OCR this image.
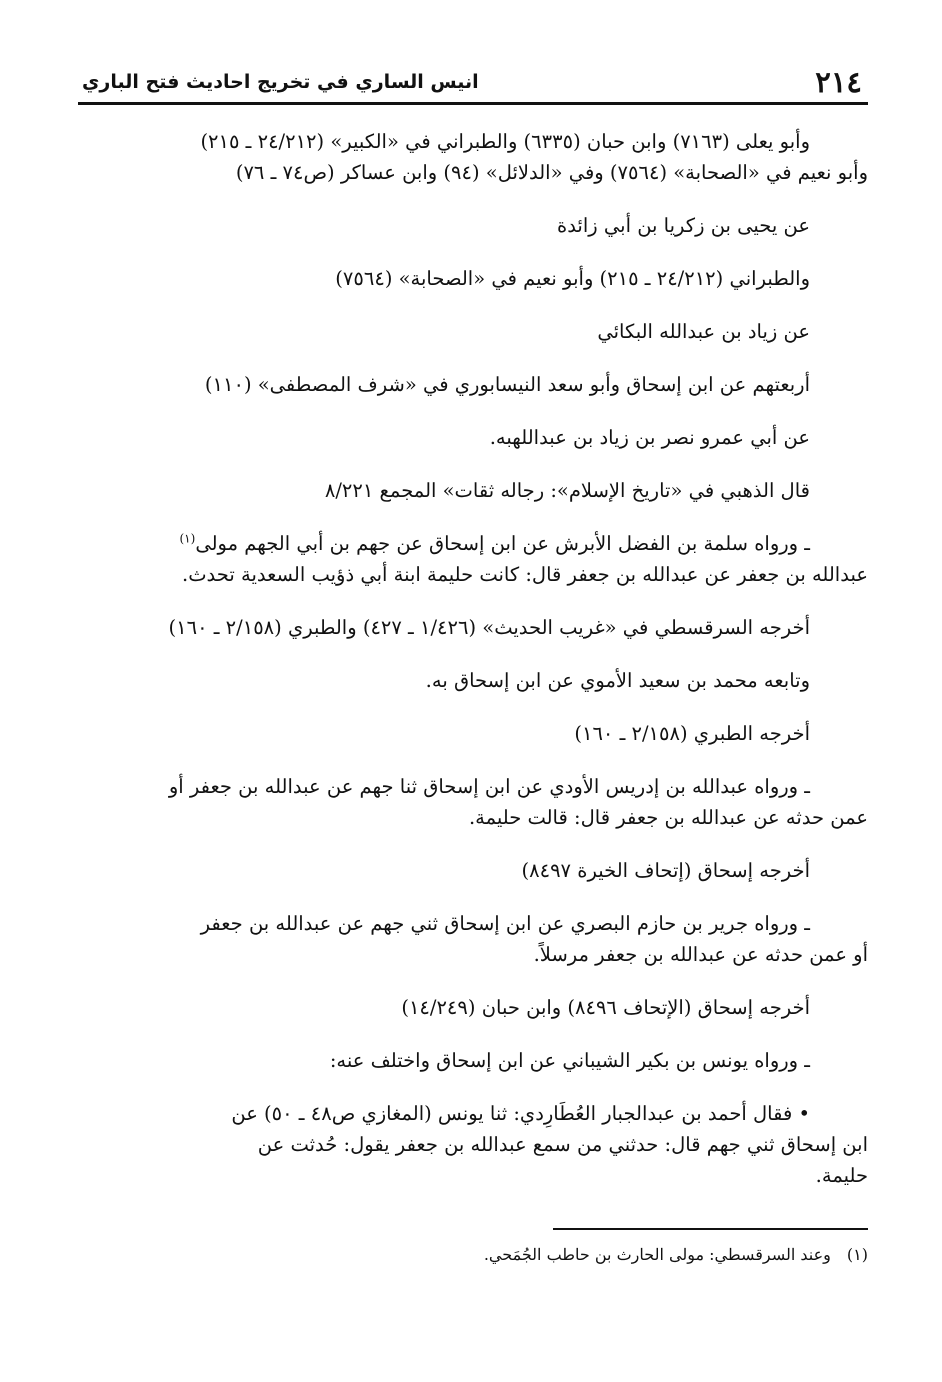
٢١٤
انيس الساري في تخريج احاديث فتح الباري

وأبو يعلى (٧١٦٣) وابن حبان (٦٣٣٥) والطبراني في «الكبير» (٢٤/٢١٢ ـ ٢١٥)
وأبو نعيم في «الصحابة» (٧٥٦٤) وفي «الدلائل» (٩٤) وابن عساكر (ص٧٤ ـ ٧٦)

عن يحيى بن زكريا بن أبي زائدة

والطبراني (٢٤/٢١٢ ـ ٢١٥) وأبو نعيم في «الصحابة» (٧٥٦٤)

عن زياد بن عبدالله البكائي

أربعتهم عن ابن إسحاق وأبو سعد النيسابوري في «شرف المصطفى» (١١٠)

عن أبي عمرو نصر بن زياد بن عبداللهبه.

قال الذهبي في «تاريخ الإسلام»: رجاله ثقات» المجمع ٨/٢٢١

ـ ورواه سلمة بن الفضل الأبرش عن ابن إسحاق عن جهم بن أبي الجهم مولى$^{(١)}$
عبدالله بن جعفر عن عبدالله بن جعفر قال: كانت حليمة ابنة أبي ذؤيب السعدية تحدث.

أخرجه السرقسطي في «غريب الحديث» (١/٤٢٦ ـ ٤٢٧) والطبري (٢/١٥٨ ـ ١٦٠)

وتابعه محمد بن سعيد الأموي عن ابن إسحاق به.

أخرجه الطبري (٢/١٥٨ ـ ١٦٠)

ـ ورواه عبدالله بن إدريس الأودي عن ابن إسحاق ثنا جهم عن عبدالله بن جعفر أو
عمن حدثه عن عبدالله بن جعفر قال: قالت حليمة.

أخرجه إسحاق (إتحاف الخيرة ٨٤٩٧)

ـ ورواه جرير بن حازم البصري عن ابن إسحاق ثني جهم عن عبدالله بن جعفر
أو عمن حدثه عن عبدالله بن جعفر مرسلاً.

أخرجه إسحاق (الإتحاف ٨٤٩٦) وابن حبان (١٤/٢٤٩)

ـ ورواه يونس بن بكير الشيباني عن ابن إسحاق واختلف عنه:

• فقال أحمد بن عبدالجبار العُطَارِدي: ثنا يونس (المغازي ص٤٨ ـ ٥٠) عن
ابن إسحاق ثني جهم قال: حدثني من سمع عبدالله بن جعفر يقول: حُدثت عن
حليمة.

(١)وعند السرقسطي: مولى الحارث بن حاطب الجُمَحي.
